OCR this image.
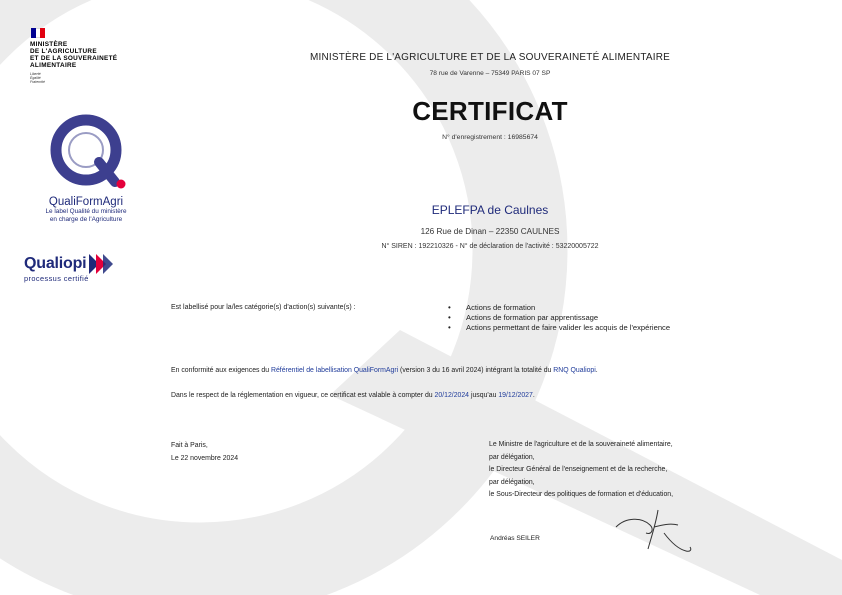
MINISTÈRE
DE L'AGRICULTURE
ET DE LA SOUVERAINETÉ
ALIMENTAIRE
Liberté
Égalité
Fraternité
QualiFormAgri
Le label Qualité du ministère
en charge de l'Agriculture
Qualiopi
processus certifié
MINISTÈRE DE L'AGRICULTURE ET DE LA SOUVERAINETÉ ALIMENTAIRE
78 rue de Varenne – 75349 PARIS 07 SP
CERTIFICAT
N° d'enregistrement : 16985674
EPLEFPA de Caulnes
126 Rue de Dinan – 22350 CAULNES
N° SIREN : 192210326 - N° de déclaration de l'activité : 53220005722
Est labellisé pour la/les catégorie(s) d'action(s) suivante(s) :
•	Actions de formation
• Actions de formation par apprentissage
• Actions permettant de faire valider les acquis de l'expérience
En conformité aux exigences du Référentiel de labellisation QualiFormAgri (version 3 du 16 avril 2024) intégrant la totalité du RNQ Qualiopi.
Dans le respect de la réglementation en vigueur, ce certificat est valable à compter du 20/12/2024 jusqu'au 19/12/2027.
Fait à Paris,
Le 22 novembre 2024
Le Ministre de l'agriculture et de la souveraineté alimentaire,
par délégation,
le Directeur Général de l'enseignement et de la recherche,
par délégation,
le Sous-Directeur des politiques de formation et d'éducation,
Andréas SEILER
